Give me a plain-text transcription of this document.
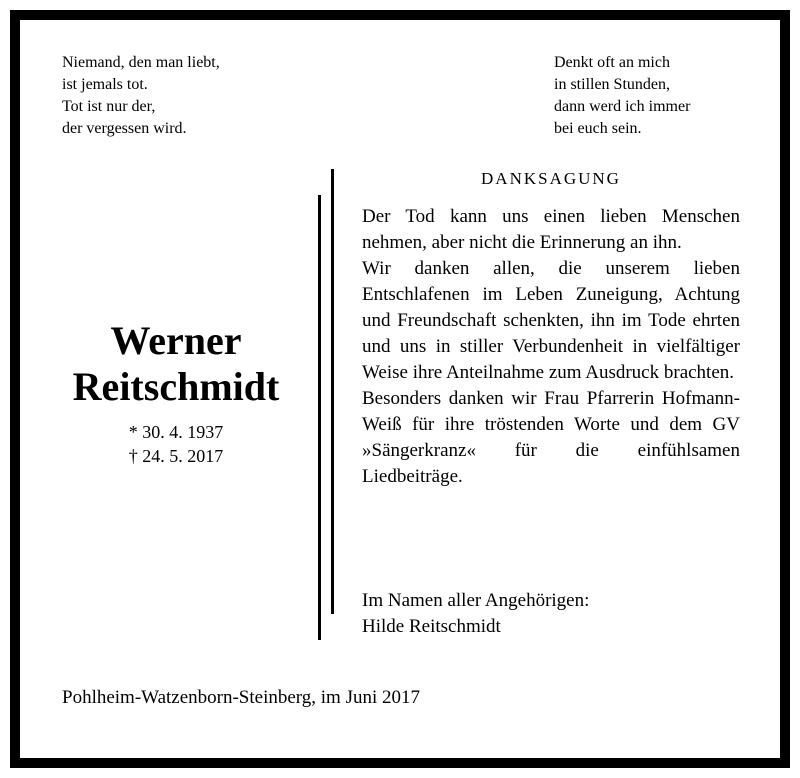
Niemand, den man liebt,
ist jemals tot.
Tot ist nur der,
der vergessen wird.
Denkt oft an mich
in stillen Stunden,
dann werd ich immer
bei euch sein.
Werner
Reitschmidt
* 30. 4. 1937
† 24. 5. 2017
DANKSAGUNG

Der Tod kann uns einen lieben Menschen nehmen, aber nicht die Erinnerung an ihn.

Wir danken allen, die unserem lieben Entschlafenen im Leben Zuneigung, Achtung und Freundschaft schenkten, ihn im Tode ehrten und uns in stiller Verbundenheit in vielfältiger Weise ihre Anteilnahme zum Ausdruck brachten.

Besonders danken wir Frau Pfarrerin Hofmann-Weiß für ihre tröstenden Worte und dem GV »Sängerkranz« für die einfühlsamen Liedbeiträge.

Im Namen aller Angehörigen:
Hilde Reitschmidt
Pohlheim-Watzenborn-Steinberg, im Juni 2017
